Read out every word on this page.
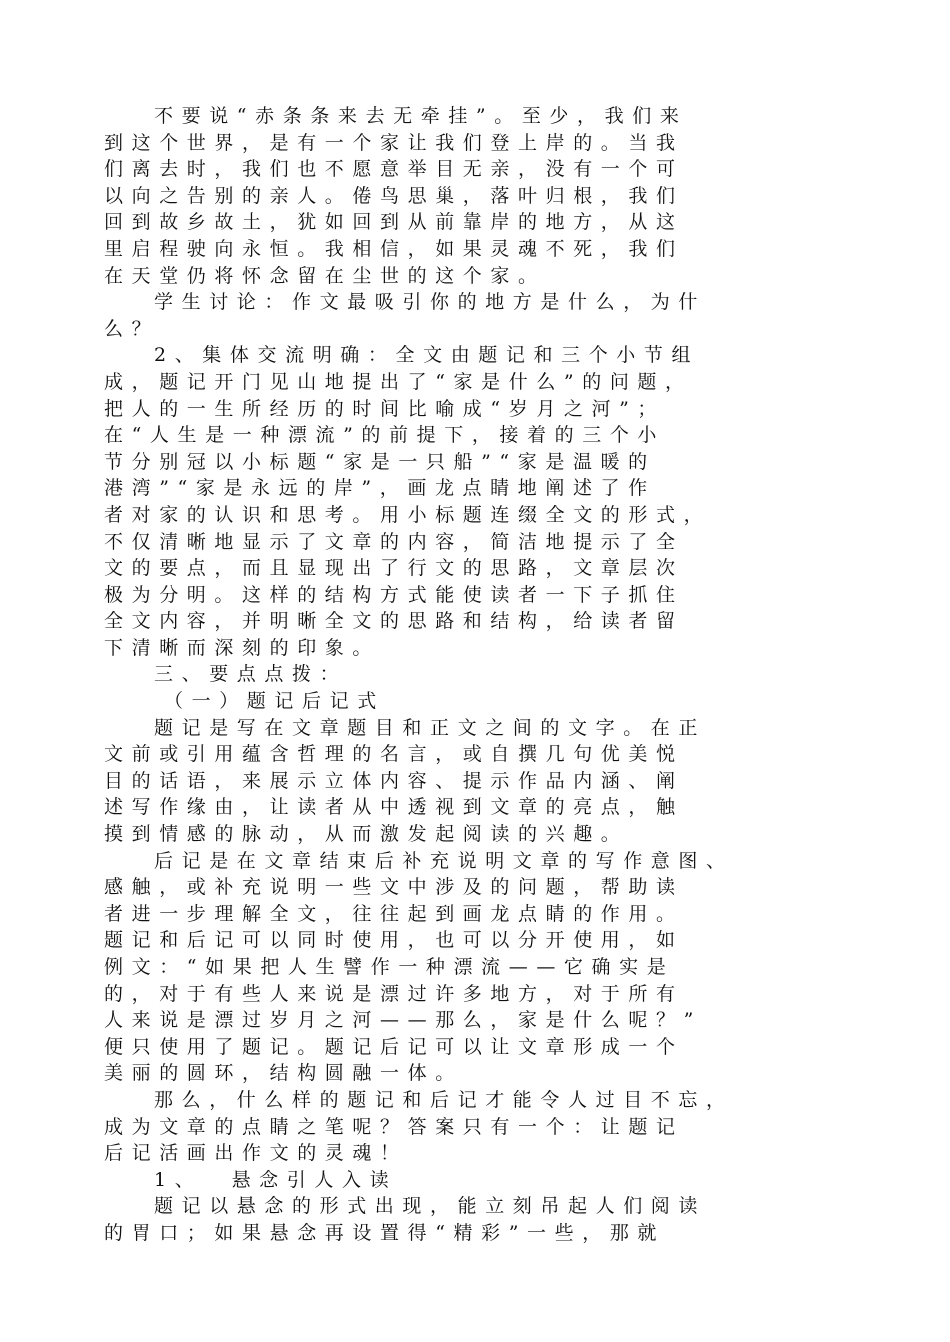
不要说“赤条条来去无牵挂”。至少，我们来
到这个世界，是有一个家让我们登上岸的。当我
们离去时，我们也不愿意举目无亲，没有一个可
以向之告别的亲人。倦鸟思巢，落叶归根，我们
回到故乡故土，犹如回到从前靠岸的地方，从这
里启程驶向永恒。我相信，如果灵魂不死，我们
在天堂仍将怀念留在尘世的这个家。
学生讨论：作文最吸引你的地方是什么，为什
么？
2、集体交流明确：全文由题记和三个小节组
成，题记开门见山地提出了“家是什么”的问题，
把人的一生所经历的时间比喻成“岁月之河”；
在“人生是一种漂流”的前提下，接着的三个小
节分别冠以小标题“家是一只船”“家是温暖的
港湾”“家是永远的岸”，画龙点睛地阐述了作
者对家的认识和思考。用小标题连缀全文的形式，
不仅清晰地显示了文章的内容，简洁地提示了全
文的要点，而且显现出了行文的思路，文章层次
极为分明。这样的结构方式能使读者一下子抓住
全文内容，并明晰全文的思路和结构，给读者留
下清晰而深刻的印象。
三、要点点拨：
（一）题记后记式
题记是写在文章题目和正文之间的文字。在正
文前或引用蕴含哲理的名言，或自撰几句优美悦
目的话语，来展示立体内容、提示作品内涵、阐
述写作缘由，让读者从中透视到文章的亮点，触
摸到情感的脉动，从而激发起阅读的兴趣。
后记是在文章结束后补充说明文章的写作意图、
感触，或补充说明一些文中涉及的问题，帮助读
者进一步理解全文，往往起到画龙点睛的作用。
题记和后记可以同时使用，也可以分开使用，如
例文：“如果把人生譬作一种漂流——它确实是
的，对于有些人来说是漂过许多地方，对于所有
人来说是漂过岁月之河——那么，家是什么呢？”
便只使用了题记。题记后记可以让文章形成一个
美丽的圆环，结构圆融一体。
那么，什么样的题记和后记才能令人过目不忘，
成为文章的点睛之笔呢？答案只有一个：让题记
后记活画出作文的灵魂！
1、  悬念引人入读
题记以悬念的形式出现，能立刻吊起人们阅读
的胃口；如果悬念再设置得“精彩”一些，那就
